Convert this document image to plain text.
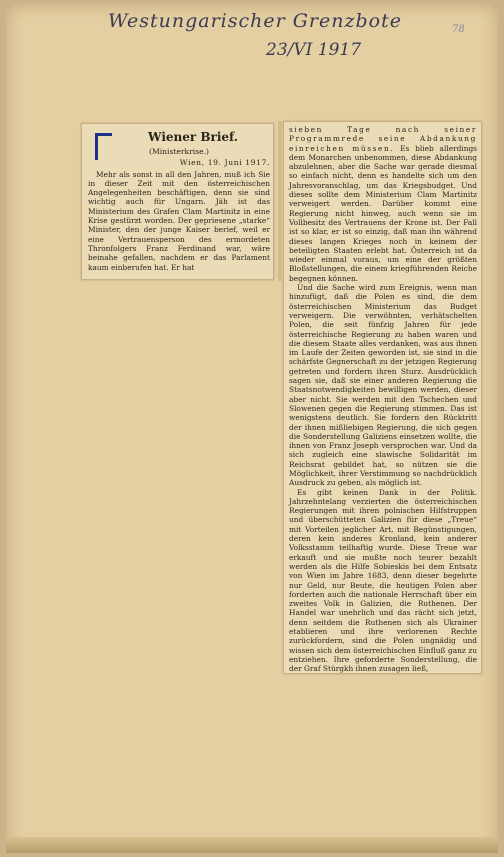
Westungarischer Grenzbote
23/VI 1917
78
Wiener Brief.
(Ministerkrise.)
Wien, 19. Juni 1917.

Mehr als sonst in all den Jahren, muß ich Sie in dieser Zeit mit den österreichischen Angelegenheiten beschäftigen, denn sie sind wichtig auch für Ungarn. Jäh ist das Ministerium des Grafen Clam Martinitz in eine Krise gestürzt worden. Der gepriesene „starke“ Minister, den der junge Kaiser berief, weil er eine Vertrauensperson des ermordeten Thronfolgers Franz Ferdinand war, wäre beinahe gefallen, nachdem er das Parlament kaum einberufen hat. Er hat

sieben Tage nach seiner Programmrede seine Abdankung einreichen müssen. Es blieb allerdings dem Monarchen unbenommen, diese Abdankung abzulehnen, aber die Sache war gerade diesmal so einfach nicht, denn es handelte sich um den Jahresvoranschlag, um das Kriegsbudget. Und dieses sollte dem Ministerium Clam Martinitz verweigert werden. Darüber kommt eine Regierung nicht hinweg, auch wenn sie im Vollbesitz des Vertrauens der Krone ist. Der Fall ist so klar, er ist so einzig, daß man ihn während dieses langen Krieges noch in keinem der beteiligten Staaten erlebt hat. Österreich ist da wieder einmal voraus, um eine der größten Bloßstellungen, die einem kriegführenden Reiche begegnen können.

Und die Sache wird zum Ereignis, wenn man hinzufügt, daß die Polen es sind, die dem österreichischen Ministerium das Budget verweigern. Die verwöhnten, verhätschelten Polen, die seit fünfzig Jahren für jede österreichische Regierung zu haben waren und die diesem Staate alles verdanken, was aus ihnen im Laufe der Zeiten geworden ist, sie sind in die schärfste Gegnerschaft zu der jetzigen Regierung getreten und fordern ihren Sturz. Ausdrücklich sagen sie, daß sie einer anderen Regierung die Staatsnotwendigkeiten bewilligen werden, dieser aber nicht. Sie werden mit den Tschechen und Slowenen gegen die Regierung stimmen. Das ist wenigstens deutlich. Sie fordern den Rücktritt der ihnen mißliebigen Regierung, die sich gegen die Sonderstellung Galiziens einsetzen wollte, die ihnen von Franz Joseph versprochen war. Und da sich zugleich eine slawische Solidarität im Reichsrat gebildet hat, so nützen sie die Möglichkeit, ihrer Verstimmung so nachdrücklich Ausdruck zu geben, als möglich ist.

Es gibt keinen Dank in der Politik. Jahrzehntelang verzierten die österreichischen Regierungen mit ihren polnischen Hilfstruppen und überschütteten Galizien für diese „Treue“ mit Vorteilen jeglicher Art, mit Begünstigungen, deren kein anderes Kronland, kein anderer Volksstamm teilhaftig wurde. Diese Treue war erkauft und sie mußte noch teurer bezahlt werden als die Hilfe Sobieskis bei dem Entsatz von Wien im Jahre 1683, denn dieser begehrte nur Geld, nur Beute, die heutigen Polen aber forderten auch die nationale Herrschaft über ein zweites Volk in Galizien, die Ruthenen. Der Handel war unehrlich und das rächt sich jetzt, denn seitdem die Ruthenen sich als Ukrainer etablieren und ihre verlorenen Rechte zurückfordern, sind die Polen ungnädig und wissen sich dem österreichischen Einfluß ganz zu entziehen. Ihre geforderte Sonderstellung, die der Graf Stürgkh ihnen zusagen ließ,
